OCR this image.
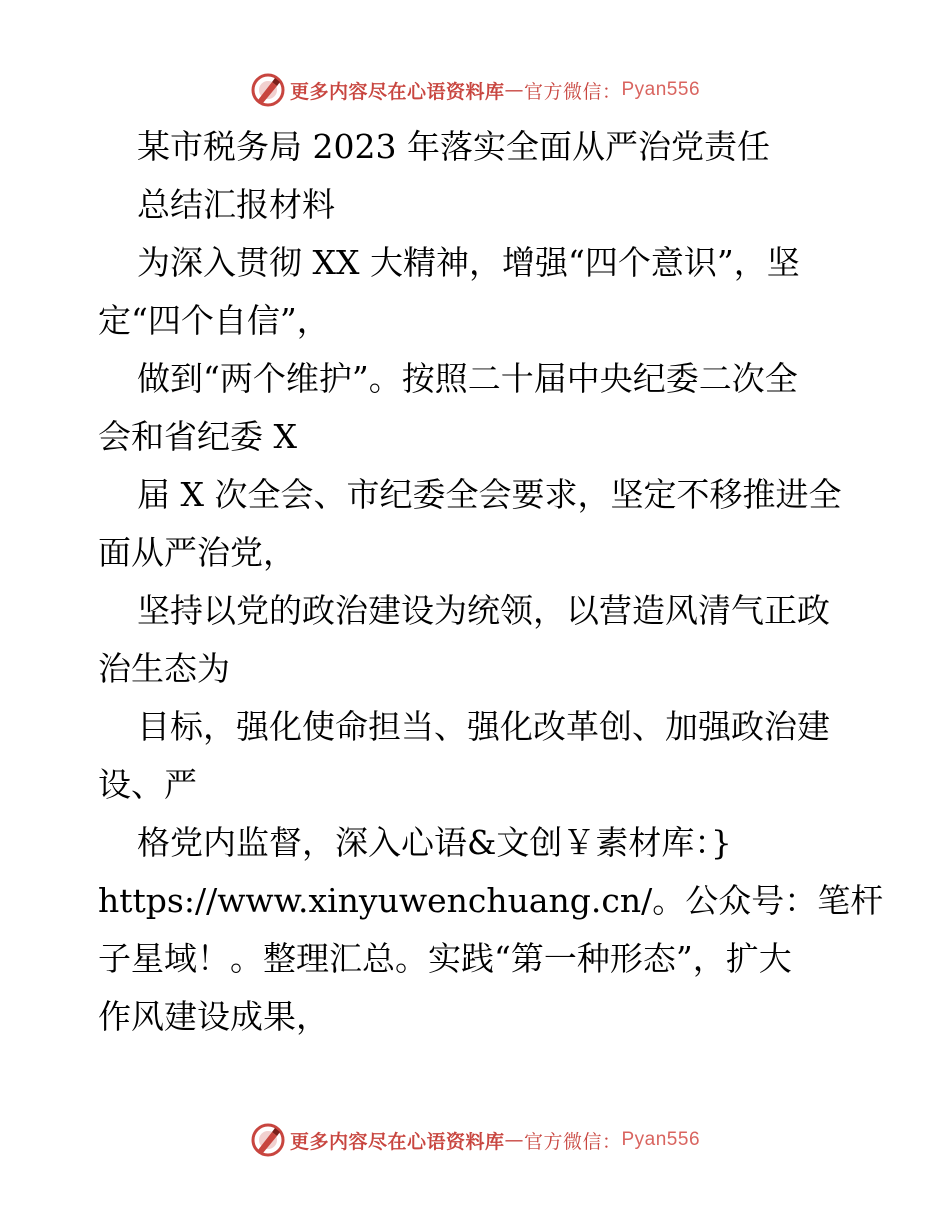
更多内容尽在心语资料库 — 官方微信： Pyan556
某市税务局 2023 年落实全面从严治党责任
总结汇报材料
为深入贯彻 XX 大精神，增强“四个意识”，坚
定“四个自信”，
做到“两个维护”。按照二十届中央纪委二次全
会和省纪委 X
届 X 次全会、市纪委全会要求，坚定不移推进全
面从严治党，
坚持以党的政治建设为统领，以营造风清气正政
治生态为
目标，强化使命担当、强化改革创、加强政治建
设、严
格党内监督，深入心语&文创￥素材库：}
https://www.xinyuwenchuang.cn/。公众号：笔杆
子星域！。整理汇总。实践“第一种形态”，扩大
作风建设成果，
更多内容尽在心语资料库 — 官方微信： Pyan556
